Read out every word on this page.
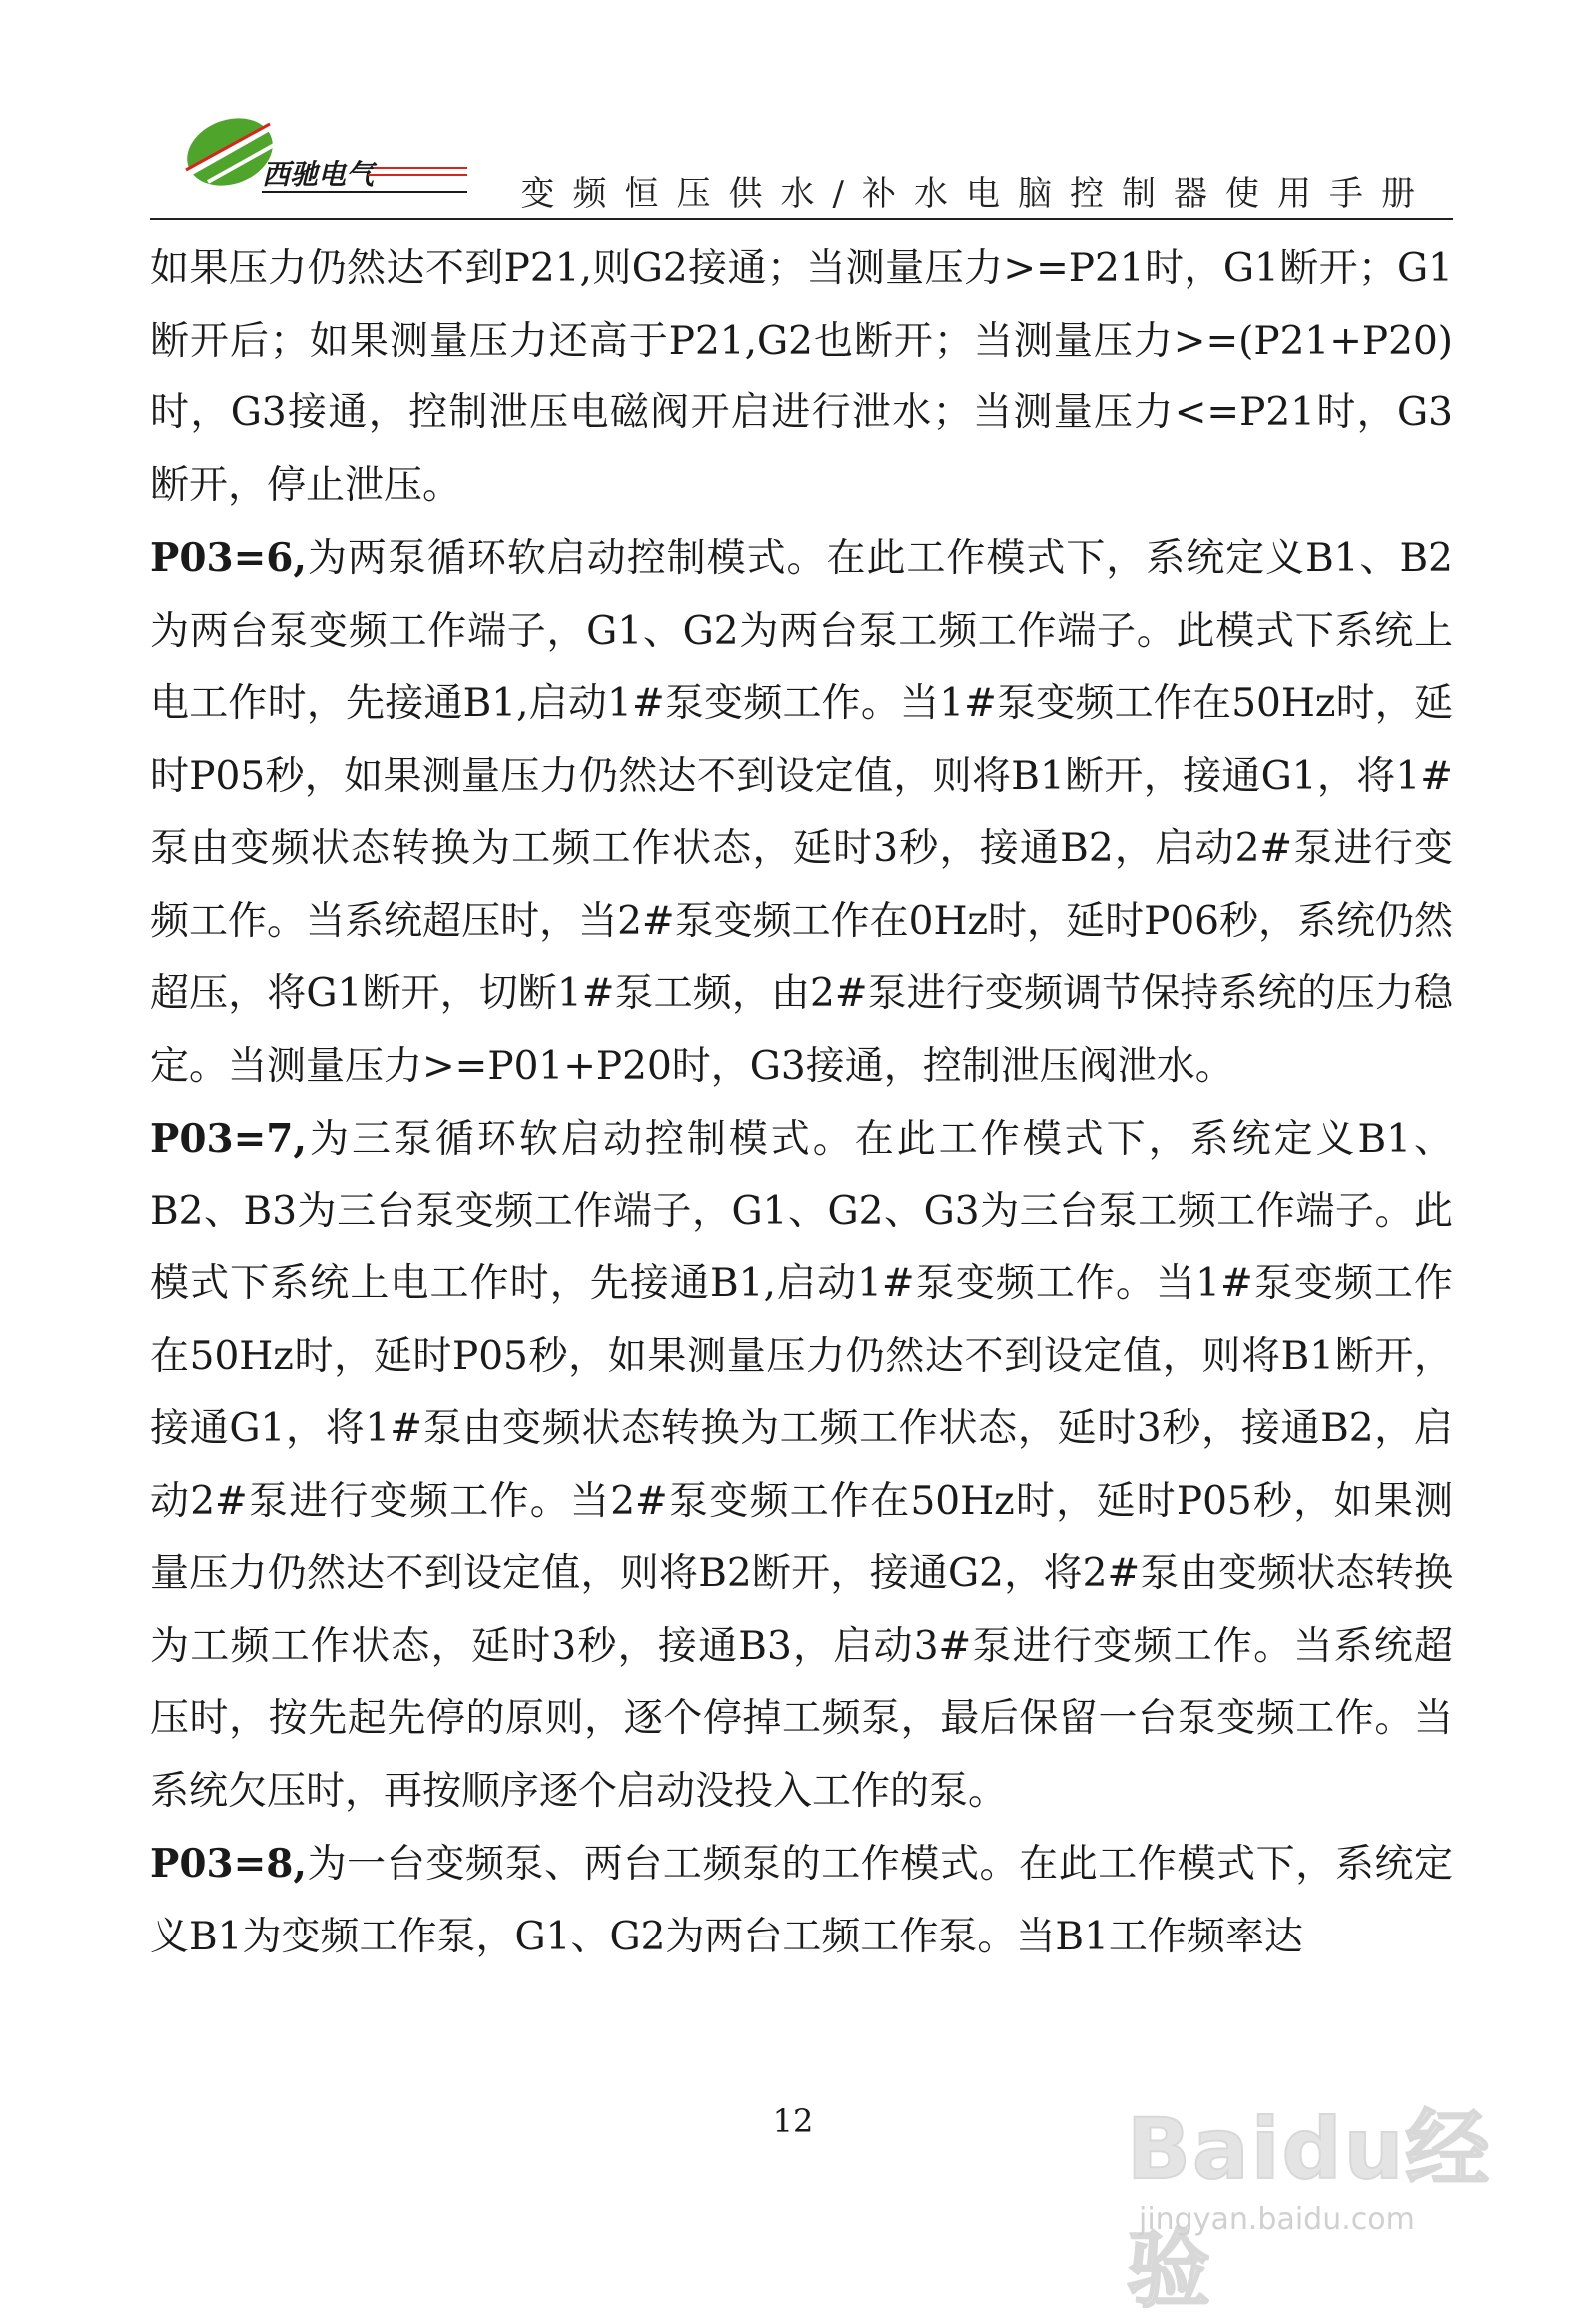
西驰电气	变频恒压供水/补水电脑控制器使用手册

如果压力仍然达不到P21,则G2接通；当测量压力>=P21时，G1断开；G1断开后；如果测量压力还高于P21,G2也断开；当测量压力>=(P21+P20)时，G3接通，控制泄压电磁阀开启进行泄水；当测量压力<=P21时，G3断开，停止泄压。

P03=6,为两泵循环软启动控制模式。在此工作模式下，系统定义B1、B2为两台泵变频工作端子，G1、G2为两台泵工频工作端子。此模式下系统上电工作时，先接通B1,启动1#泵变频工作。当1#泵变频工作在50Hz时，延时P05秒，如果测量压力仍然达不到设定值，则将B1断开，接通G1，将1#泵由变频状态转换为工频工作状态，延时3秒，接通B2，启动2#泵进行变频工作。当系统超压时，当2#泵变频工作在0Hz时，延时P06秒，系统仍然超压，将G1断开，切断1#泵工频，由2#泵进行变频调节保持系统的压力稳定。当测量压力>=P01+P20时，G3接通，控制泄压阀泄水。

P03=7,为三泵循环软启动控制模式。在此工作模式下，系统定义B1、B2、B3为三台泵变频工作端子，G1、G2、G3为三台泵工频工作端子。此模式下系统上电工作时，先接通B1,启动1#泵变频工作。当1#泵变频工作在50Hz时，延时P05秒，如果测量压力仍然达不到设定值，则将B1断开，接通G1，将1#泵由变频状态转换为工频工作状态，延时3秒，接通B2，启动2#泵进行变频工作。当2#泵变频工作在50Hz时，延时P05秒，如果测量压力仍然达不到设定值，则将B2断开，接通G2，将2#泵由变频状态转换为工频工作状态，延时3秒，接通B3，启动3#泵进行变频工作。当系统超压时，按先起先停的原则，逐个停掉工频泵，最后保留一台泵变频工作。当系统欠压时，再按顺序逐个启动没投入工作的泵。

P03=8,为一台变频泵、两台工频泵的工作模式。在此工作模式下，系统定义B1为变频工作泵，G1、G2为两台工频工作泵。当B1工作频率达

12	Baidu经验
jingyan.baidu.com
